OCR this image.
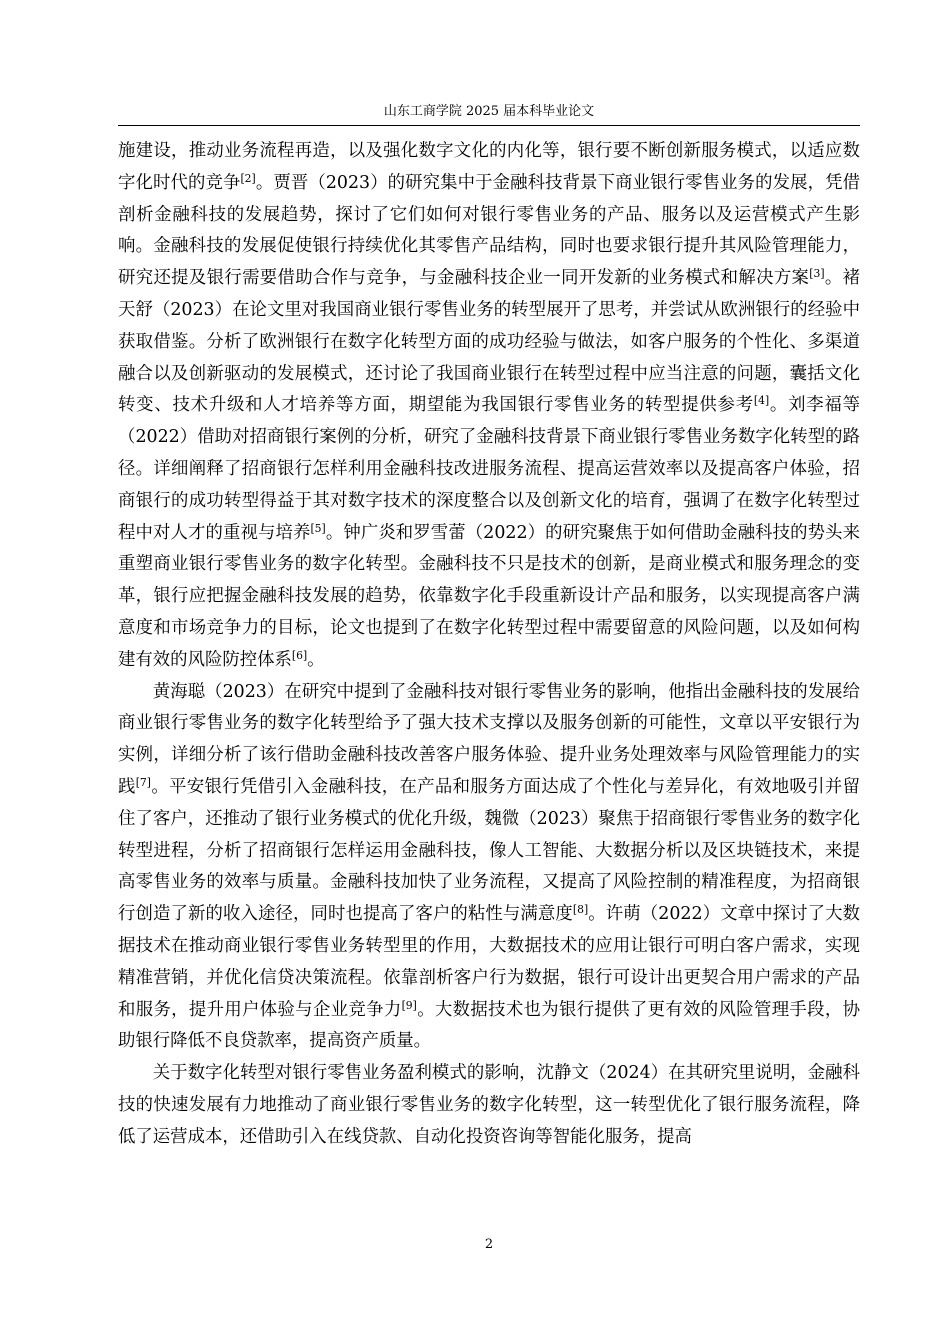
山东工商学院 2025 届本科毕业论文

施建设，推动业务流程再造，以及强化数字文化的内化等，银行要不断创新服务模式，以适应数字化时代的竞争[2]。贾晋（2023）的研究集中于金融科技背景下商业银行零售业务的发展，凭借剖析金融科技的发展趋势，探讨了它们如何对银行零售业务的产品、服务以及运营模式产生影响。金融科技的发展促使银行持续优化其零售产品结构，同时也要求银行提升其风险管理能力，研究还提及银行需要借助合作与竞争，与金融科技企业一同开发新的业务模式和解决方案[3]。褚天舒（2023）在论文里对我国商业银行零售业务的转型展开了思考，并尝试从欧洲银行的经验中获取借鉴。分析了欧洲银行在数字化转型方面的成功经验与做法，如客户服务的个性化、多渠道融合以及创新驱动的发展模式，还讨论了我国商业银行在转型过程中应当注意的问题，囊括文化转变、技术升级和人才培养等方面，期望能为我国银行零售业务的转型提供参考[4]。刘李福等（2022）借助对招商银行案例的分析，研究了金融科技背景下商业银行零售业务数字化转型的路径。详细阐释了招商银行怎样利用金融科技改进服务流程、提高运营效率以及提高客户体验，招商银行的成功转型得益于其对数字技术的深度整合以及创新文化的培育，强调了在数字化转型过程中对人才的重视与培养[5]。钟广炎和罗雪蕾（2022）的研究聚焦于如何借助金融科技的势头来重塑商业银行零售业务的数字化转型。金融科技不只是技术的创新，是商业模式和服务理念的变革，银行应把握金融科技发展的趋势，依靠数字化手段重新设计产品和服务，以实现提高客户满意度和市场竞争力的目标，论文也提到了在数字化转型过程中需要留意的风险问题，以及如何构建有效的风险防控体系[6]。

黄海聪（2023）在研究中提到了金融科技对银行零售业务的影响，他指出金融科技的发展给商业银行零售业务的数字化转型给予了强大技术支撑以及服务创新的可能性，文章以平安银行为实例，详细分析了该行借助金融科技改善客户服务体验、提升业务处理效率与风险管理能力的实践[7]。平安银行凭借引入金融科技，在产品和服务方面达成了个性化与差异化，有效地吸引并留住了客户，还推动了银行业务模式的优化升级，魏微（2023）聚焦于招商银行零售业务的数字化转型进程，分析了招商银行怎样运用金融科技，像人工智能、大数据分析以及区块链技术，来提高零售业务的效率与质量。金融科技加快了业务流程，又提高了风险控制的精准程度，为招商银行创造了新的收入途径，同时也提高了客户的粘性与满意度[8]。许萌（2022）文章中探讨了大数据技术在推动商业银行零售业务转型里的作用，大数据技术的应用让银行可明白客户需求，实现精准营销，并优化信贷决策流程。依靠剖析客户行为数据，银行可设计出更契合用户需求的产品和服务，提升用户体验与企业竞争力[9]。大数据技术也为银行提供了更有效的风险管理手段，协助银行降低不良贷款率，提高资产质量。

关于数字化转型对银行零售业务盈利模式的影响，沈静文（2024）在其研究里说明，金融科技的快速发展有力地推动了商业银行零售业务的数字化转型，这一转型优化了银行服务流程，降低了运营成本，还借助引入在线贷款、自动化投资咨询等智能化服务，提高

2
